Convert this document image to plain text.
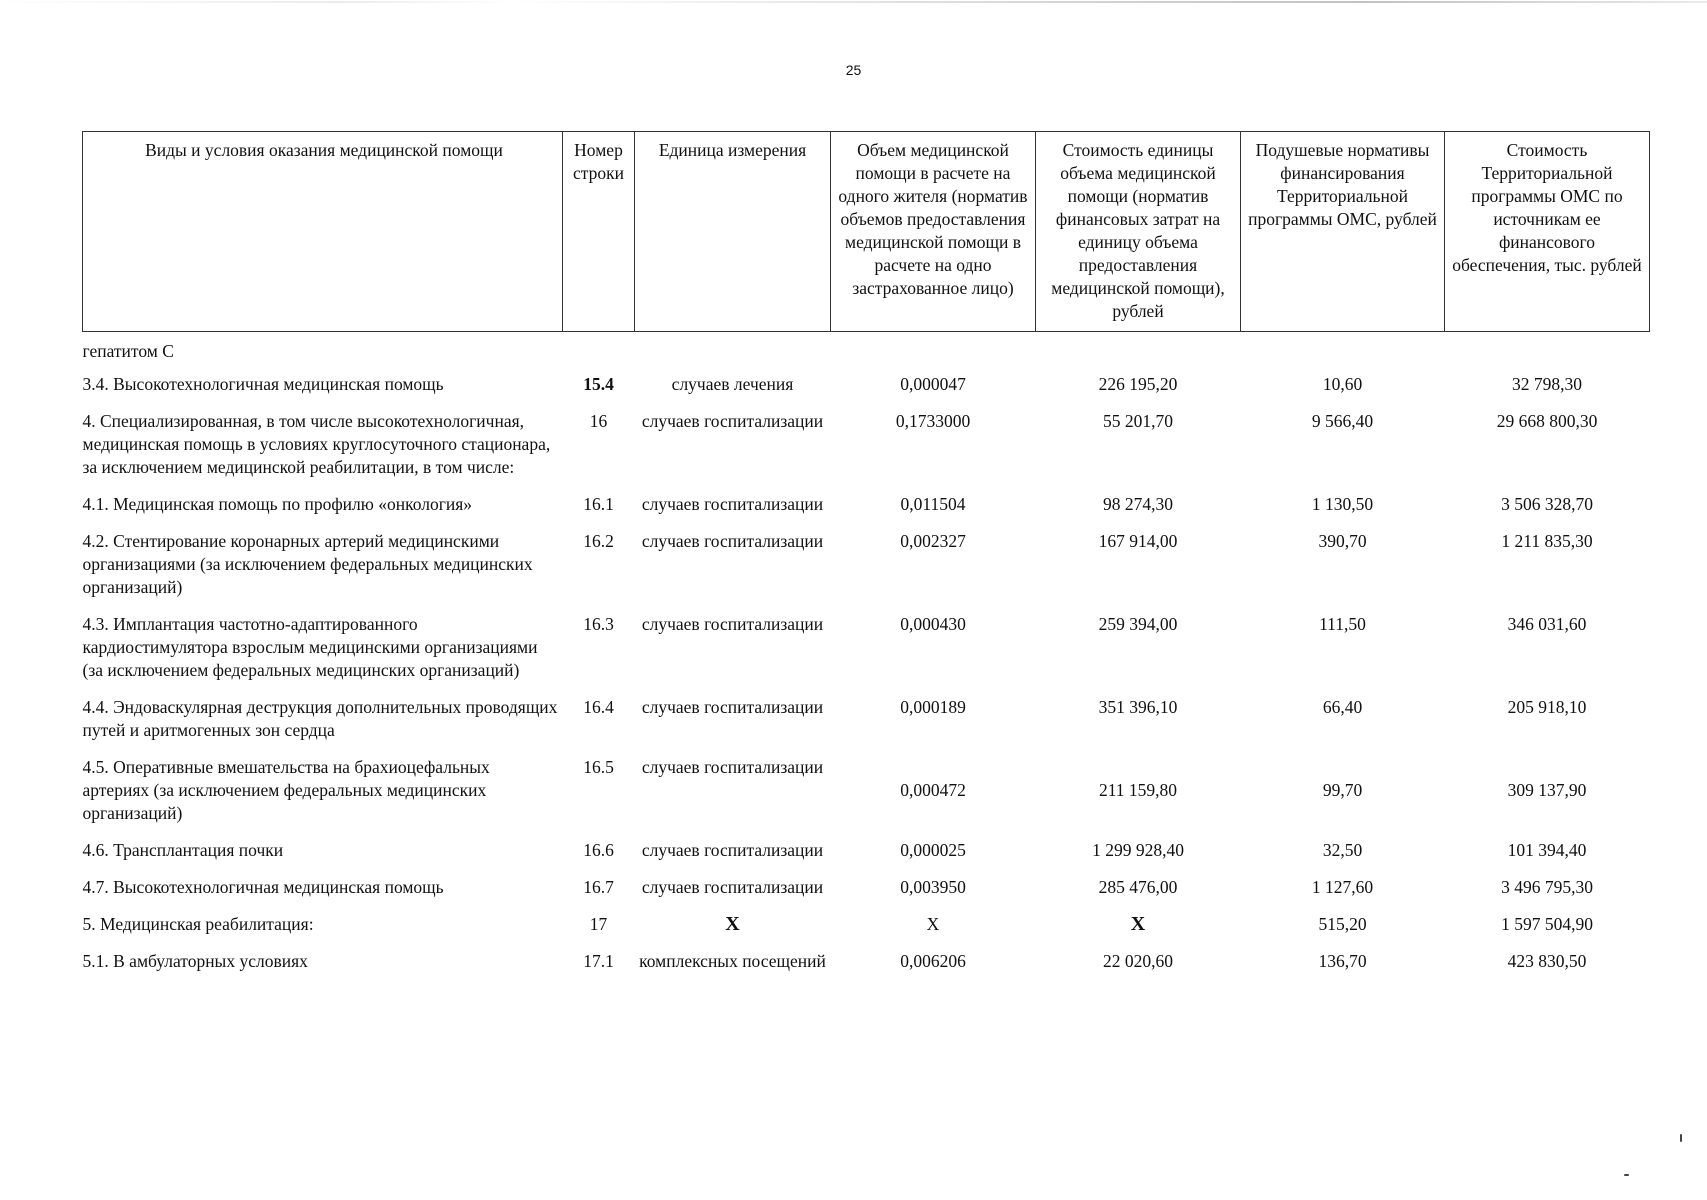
25
Виды и условия оказания медицинской помощи	Номер строки	Единица измерения	Объем медицинской помощи в расчете на одного жителя (норматив объемов предоставления медицинской помощи в расчете на одно застрахованное лицо)	Стоимость единицы объема медицинской помощи (норматив финансовых затрат на единицу объема предоставления медицинской помощи), рублей	Подушевые нормативы финансирования Территориальной программы ОМС, рублей	Стоимость Территориальной программы ОМС по источникам ее финансового обеспечения, тыс. рублей
гепатитом С						
3.4. Высокотехнологичная медицинская помощь	15.4	случаев лечения	0,000047	226 195,20	10,60	32 798,30
4. Специализированная, в том числе высокотехнологичная, медицинская помощь в условиях круглосуточного стационара, за исключением медицинской реабилитации, в том числе:	16	случаев госпитализации	0,1733000	55 201,70	9 566,40	29 668 800,30
4.1. Медицинская помощь по профилю «онкология»	16.1	случаев госпитализации	0,011504	98 274,30	1 130,50	3 506 328,70
4.2. Стентирование коронарных артерий медицинскими организациями (за исключением федеральных медицинских организаций)	16.2	случаев госпитализации	0,002327	167 914,00	390,70	1 211 835,30
4.3. Имплантация частотно-адаптированного кардиостимулятора взрослым медицинскими организациями (за исключением федеральных медицинских организаций)	16.3	случаев госпитализации	0,000430	259 394,00	111,50	346 031,60
4.4. Эндоваскулярная деструкция дополнительных проводящих путей и аритмогенных зон сердца	16.4	случаев госпитализации	0,000189	351 396,10	66,40	205 918,10
4.5. Оперативные вмешательства на брахиоцефальных артериях (за исключением федеральных медицинских организаций)	16.5	случаев госпитализации	0,000472	211 159,80	99,70	309 137,90
4.6. Трансплантация почки	16.6	случаев госпитализации	0,000025	1 299 928,40	32,50	101 394,40
4.7. Высокотехнологичная медицинская помощь	16.7	случаев госпитализации	0,003950	285 476,00	1 127,60	3 496 795,30
5. Медицинская реабилитация:	17	Х	Х	Х	515,20	1 597 504,90
5.1. В амбулаторных условиях	17.1	комплексных посещений	0,006206	22 020,60	136,70	423 830,50
